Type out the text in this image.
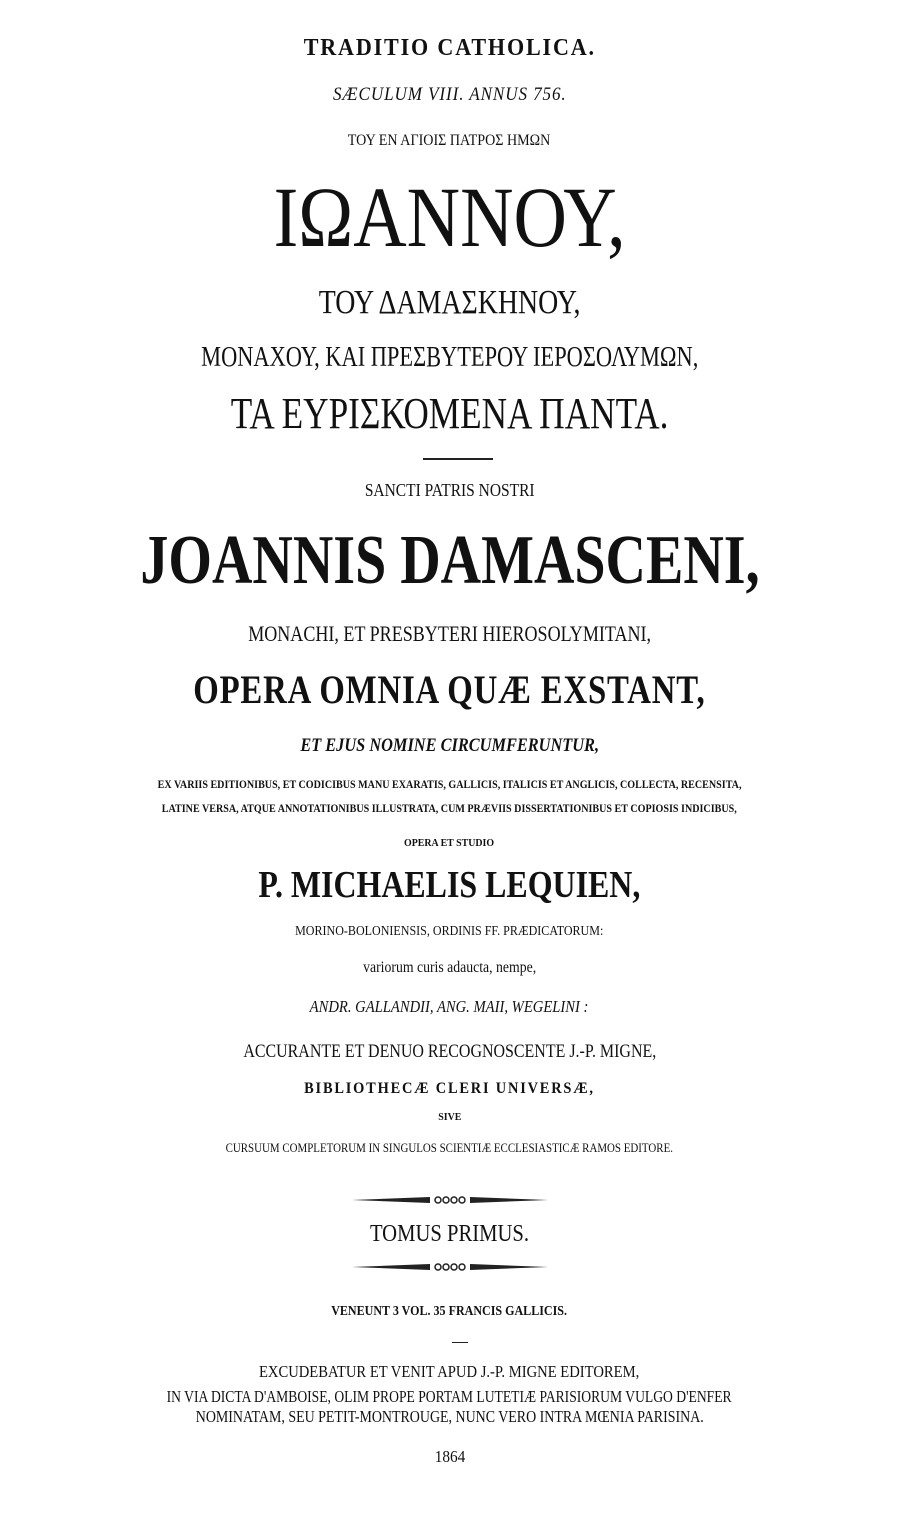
TRADITIO CATHOLICA.
SÆCULUM VIII. ANNUS 756.
ΤΟΥ ΕΝ ΑΓΙΟΙΣ ΠΑΤΡΟΣ ΗΜΩΝ
ΙΩΑΝΝΟΥ,
ΤΟΥ ΔΑΜΑΣΚΗΝΟΥ,
ΜΟΝΑΧΟΥ, ΚΑΙ ΠΡΕΣΒΥΤΕΡΟΥ ΙΕΡΟΣΟΛΥΜΩΝ,
ΤΑ ΕΥΡΙΣΚΟΜΕΝΑ ΠΑΝΤΑ.
SANCTI PATRIS NOSTRI
JOANNIS DAMASCENI,
MONACHI, ET PRESBYTERI HIEROSOLYMITANI,
OPERA OMNIA QUÆ EXSTANT,
ET EJUS NOMINE CIRCUMFERUNTUR,
EX VARIIS EDITIONIBUS, ET CODICIBUS MANU EXARATIS, GALLICIS, ITALICIS ET ANGLICIS, COLLECTA, RECENSITA,
LATINE VERSA, ATQUE ANNOTATIONIBUS ILLUSTRATA, CUM PRÆVIIS DISSERTATIONIBUS ET COPIOSIS INDICIBUS,
OPERA ET STUDIO
P. MICHAELIS LEQUIEN,
MORINO-BOLONIENSIS, ORDINIS FF. PRÆDICATORUM:
variorum curis adaucta, nempe,
ANDR. GALLANDII, ANG. MAII, WEGELINI :
ACCURANTE ET DENUO RECOGNOSCENTE J.-P. MIGNE,
BIBLIOTHECÆ CLERI UNIVERSÆ,
SIVE
CURSUUM COMPLETORUM IN SINGULOS SCIENTIÆ ECCLESIASTICÆ RAMOS EDITORE.
TOMUS PRIMUS.
VENEUNT 3 VOL. 35 FRANCIS GALLICIS.
EXCUDEBATUR ET VENIT APUD J.-P. MIGNE EDITOREM,
IN VIA DICTA D'AMBOISE, OLIM PROPE PORTAM LUTETIÆ PARISIORUM VULGO D'ENFER
NOMINATAM, SEU PETIT-MONTROUGE, NUNC VERO INTRA MŒNIA PARISINA.
1864
